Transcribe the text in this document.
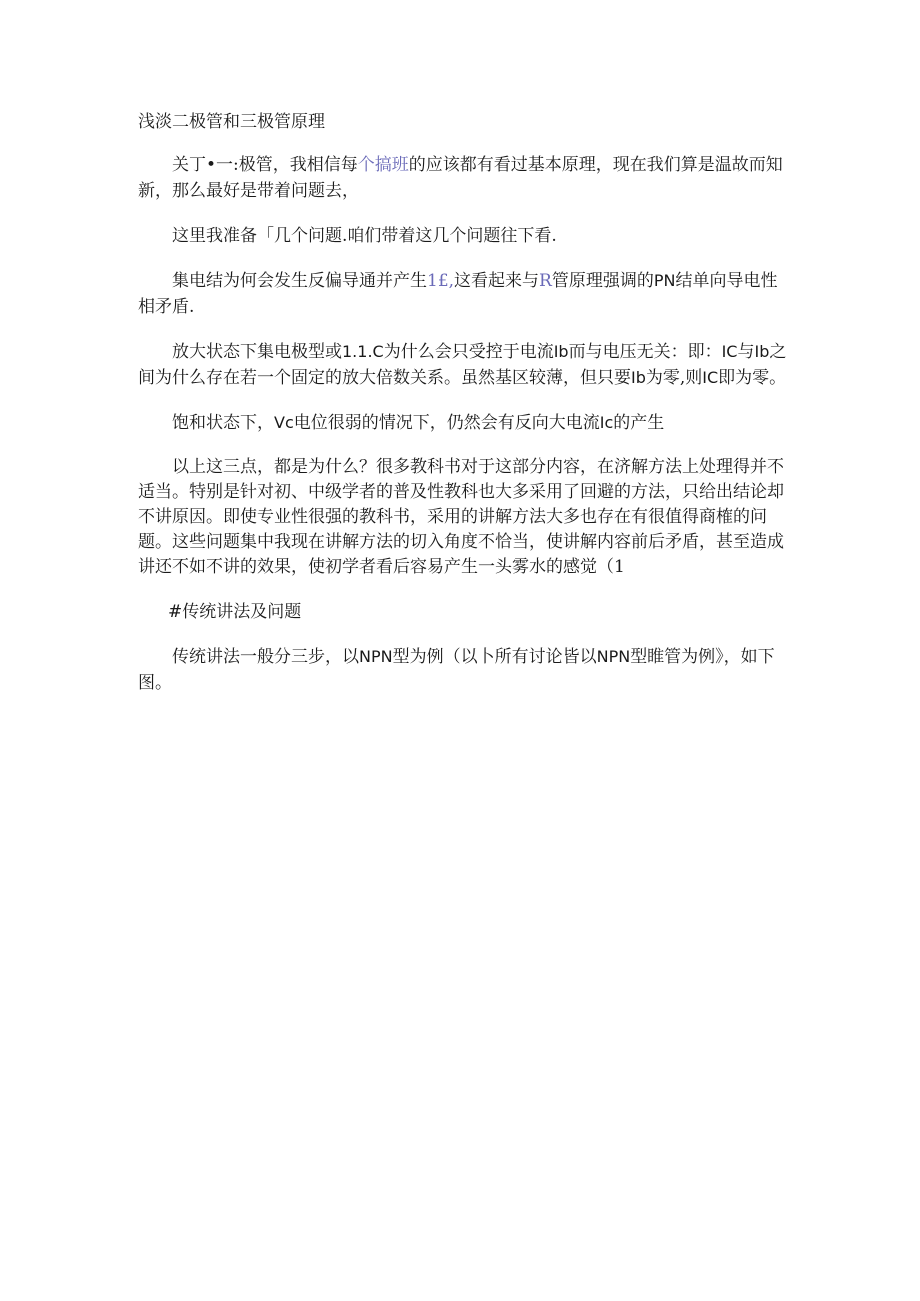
浅淡二极管和三极管原理

关丁•一:极管，我相信每个搞班的应该都有看过基本原理，现在我们算是温故而知新，那么最好是带着问题去，

这里我准备「几个问题.咱们带着这几个问题往下看.

集电结为何会发生反偏导通并产生1£,这看起来与R管原理强调的PN结单向导电性相矛盾.

放大状态下集电极型或1.1.C为什么会只受控于电流Ib而与电压无关：即：IC与Ib之间为什么存在若一个固定的放大倍数关系。虽然基区较薄，但只要Ib为零,则IC即为零。

饱和状态下，Vc电位很弱的情况下，仍然会有反向大电流Ic的产生

以上这三点，都是为什么？很多教科书对于这部分内容，在济解方法上处理得并不适当。特别是针对初、中级学者的普及性教科也大多采用了回避的方法，只给出结论却不讲原因。即使专业性很强的教科书，采用的讲解方法大多也存在有很值得商榷的问题。这些问题集中我现在讲解方法的切入角度不恰当，使讲解内容前后矛盾，甚至造成讲还不如不讲的效果，使初学者看后容易产生一头雾水的感觉（1

#传统讲法及问题

传统讲法一般分三步，以NPN型为例（以卜所有讨论皆以NPN型睢管为例》，如下图。
